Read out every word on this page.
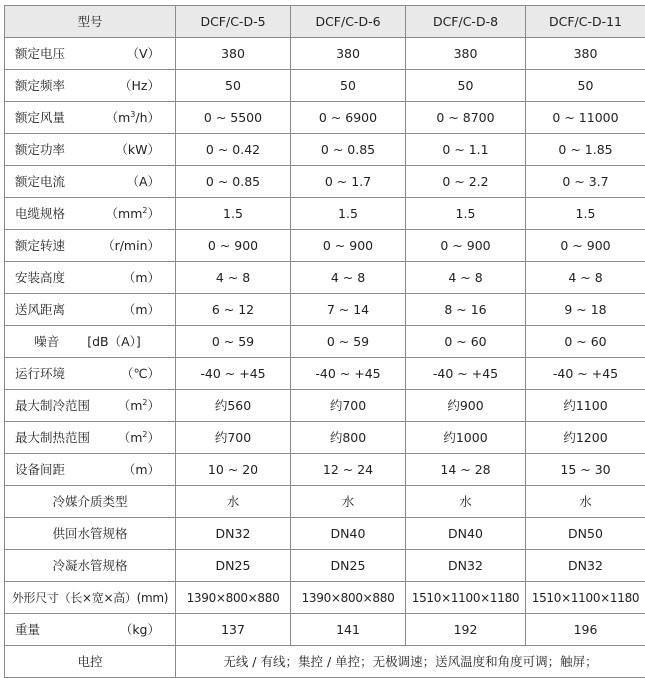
型号	DCF/C-D-5	DCF/C-D-6	DCF/C-D-8	DCF/C-D-11

额定电压 （V）	380	380	380	380

额定频率 （Hz）	50	50	50	50

额定风量 $(m^3/h)$	0 ~ 5500	0 ~ 6900	0 ~ 8700	0 ~ 11000

额定功率 （kW）	0 ~ 0.42	0 ~ 0.85	0 ~ 1.1	0 ~ 1.85

额定电流 （A）	0 ~ 0.85	0 ~ 1.7	0 ~ 2.2	0 ~ 3.7

电缆规格 $(mm^2)$	1.5	1.5	1.5	1.5

额定转速 （r/min）	0 ~ 900	0 ~ 900	0 ~ 900	0 ~ 900

安装高度 （m）	4 ~ 8	4 ~ 8	4 ~ 8	4 ~ 8

送风距离 （m）	6 ~ 12	7 ~ 14	8 ~ 16	9 ~ 18

噪音 [dB（A）]	0 ~ 59	0 ~ 59	0 ~ 60	0 ~ 60

运行环境 （℃）	-40 ~ +45	-40 ~ +45	-40 ~ +45	-40 ~ +45

最大制冷范围 $(m^2)$	约560	约700	约900	约1100

最大制热范围 $(m^2)$	约700	约800	约1000	约1200

设备间距 （m）	10 ~ 20	12 ~ 24	14 ~ 28	15 ~ 30
冷媒介质类型	水	水	水	水
供回水管规格	DN32	DN40	DN40	DN50
冷凝水管规格	DN25	DN25	DN32	DN32
外形尺寸（长×宽×高）(mm)	1390×800×880	1390×800×880	1510×1100×1180	1510×1100×1180

重量 （kg）	137	141	192	196
电控	无线 / 有线；集控 / 单控；无极调速；送风温度和角度可调；触屏；			
